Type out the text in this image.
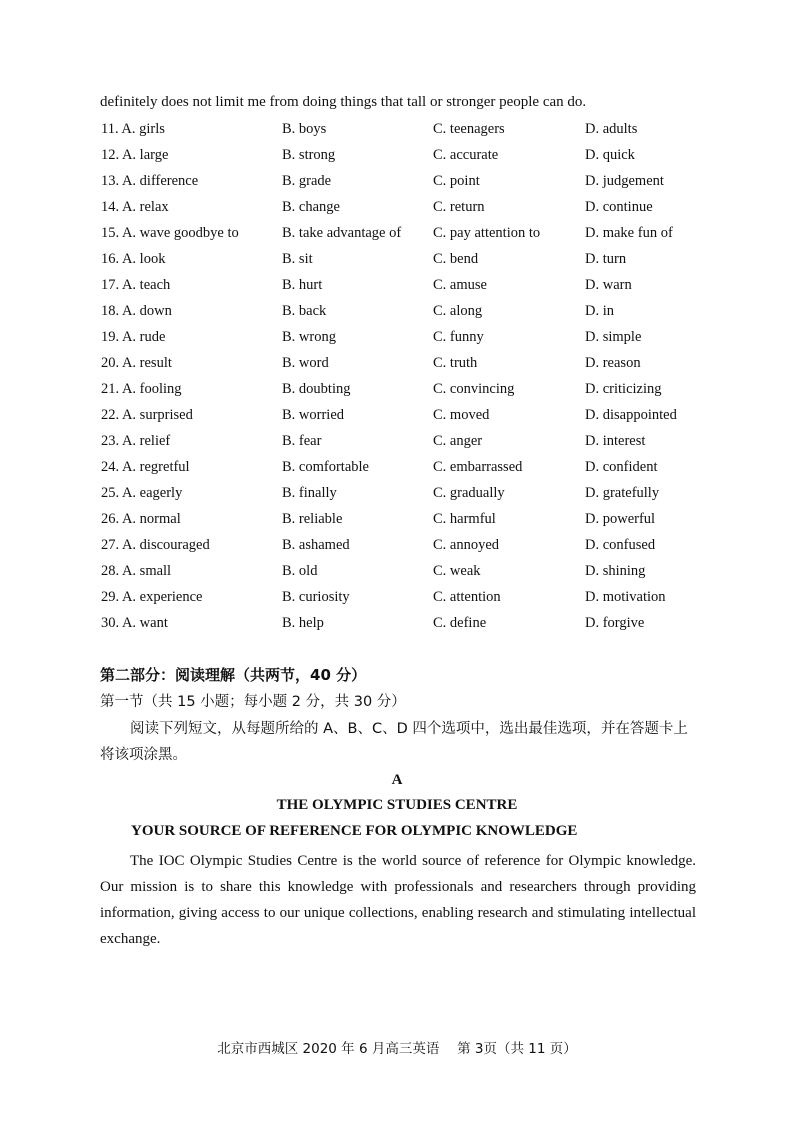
definitely does not limit me from doing things that tall or stronger people can do.
11. A. girls	B. boys	C. teenagers	D. adults
12. A. large	B. strong	C. accurate	D. quick
13. A. difference	B. grade	C. point	D. judgement
14. A. relax	B. change	C. return	D. continue
15. A. wave goodbye to	B. take advantage of C. pay attention to	D. make fun of
16. A. look	B. sit	C. bend	D. turn
17. A. teach	B. hurt	C. amuse	D. warn
18. A. down	B. back	C. along	D. in
19. A. rude	B. wrong	C. funny	D. simple
20. A. result	B. word	C. truth	D. reason
21. A. fooling	B. doubting	C. convincing	D. criticizing
22. A. surprised	B. worried	C. moved	D. disappointed
23. A. relief	B. fear	C. anger	D. interest
24. A. regretful	B. comfortable	C. embarrassed	D. confident
25. A. eagerly	B. finally	C. gradually	D. gratefully
26. A. normal	B. reliable	C. harmful	D. powerful
27. A. discouraged	B. ashamed	C. annoyed	D. confused
28. A. small	B. old	C. weak	D. shining
29. A. experience	B. curiosity	C. attention	D. motivation
30. A. want	B. help	C. define	D. forgive
第二部分：阅读理解（共两节，40 分）
第一节（共 15 小题；每小题 2 分，共 30 分）
阅读下列短文，从每题所给的 A、B、C、D 四个选项中，选出最佳选项，并在答题卡上将该项涂黑。
A
THE OLYMPIC STUDIES CENTRE
YOUR SOURCE OF REFERENCE FOR OLYMPIC KNOWLEDGE
The IOC Olympic Studies Centre is the world source of reference for Olympic knowledge. Our mission is to share this knowledge with professionals and researchers through providing information, giving access to our unique collections, enabling research and stimulating intellectual exchange.
北京市西城区 2020 年 6 月高三英语　 第 3页（共 11 页）
